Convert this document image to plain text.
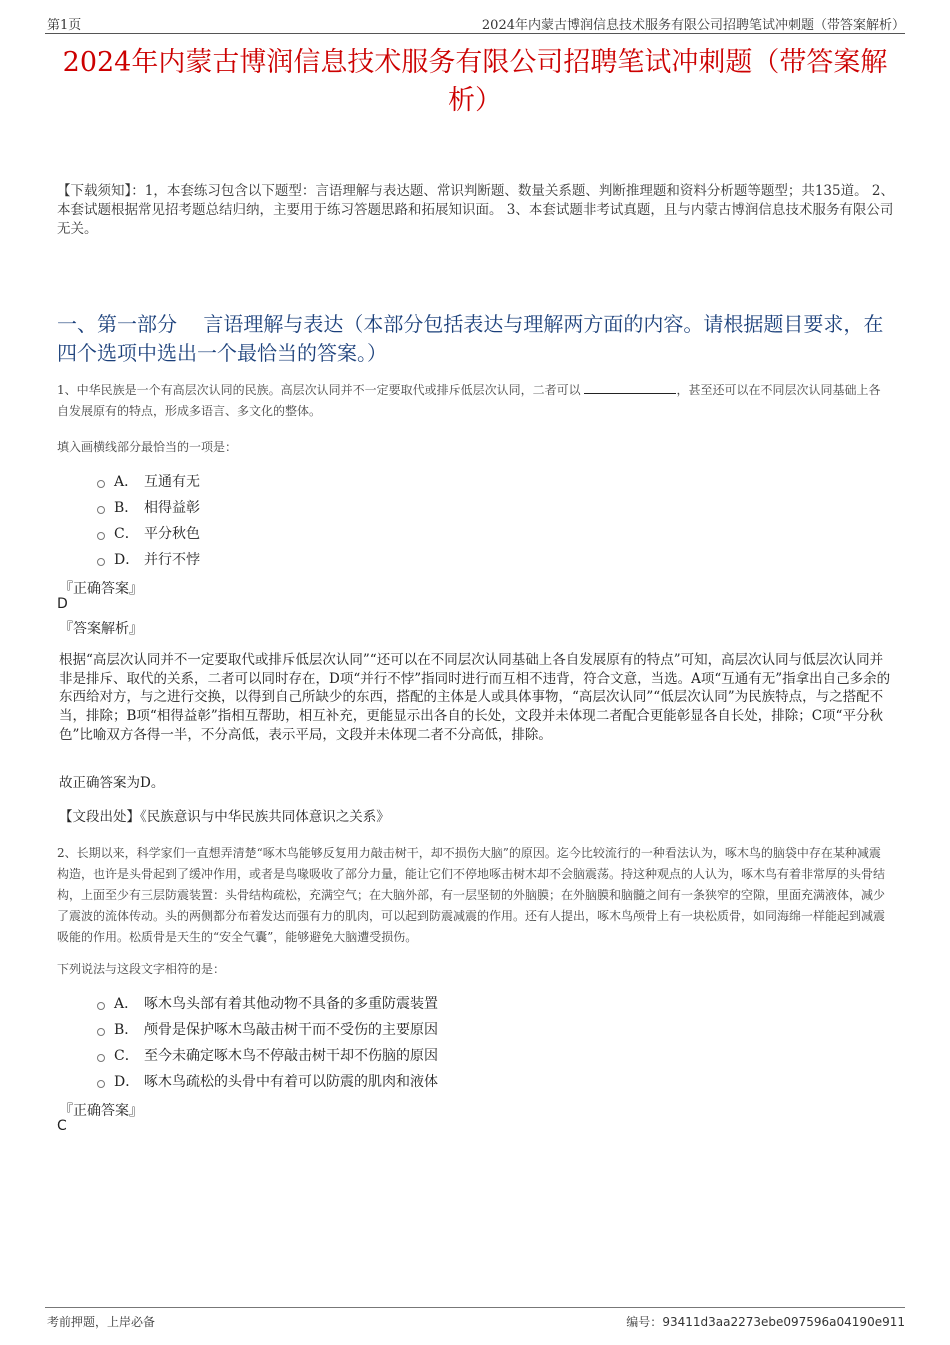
第1页	2024年内蒙古博润信息技术服务有限公司招聘笔试冲刺题（带答案解析）
2024年内蒙古博润信息技术服务有限公司招聘笔试冲刺题（带答案解析）
【下载须知】：1，本套练习包含以下题型：言语理解与表达题、常识判断题、数量关系题、判断推理题和资料分析题等题型；共135道。 2、本套试题根据常见招考题总结归纳，主要用于练习答题思路和拓展知识面。 3、本套试题非考试真题，且与内蒙古博润信息技术服务有限公司无关。
一、第一部分　 言语理解与表达（本部分包括表达与理解两方面的内容。请根据题目要求，在四个选项中选出一个最恰当的答案。）
1、中华民族是一个有高层次认同的民族。高层次认同并不一定要取代或排斥低层次认同，二者可以	，甚至还可以在不同层次认同基础上各自发展原有的特点，形成多语言、多文化的整体。
填入画横线部分最恰当的一项是：
A． 互通有无
B． 相得益彰
C． 平分秋色
D． 并行不悖
『正确答案』
D
『答案解析』
根据“高层次认同并不一定要取代或排斥低层次认同”“还可以在不同层次认同基础上各自发展原有的特点”可知，高层次认同与低层次认同并非是排斥、取代的关系，二者可以同时存在，D项“并行不悖”指同时进行而互相不违背，符合文意，当选。A项“互通有无”指拿出自己多余的东西给对方，与之进行交换，以得到自己所缺少的东西，搭配的主体是人或具体事物，“高层次认同”“低层次认同”为民族特点，与之搭配不当，排除；B项“相得益彰”指相互帮助，相互补充，更能显示出各自的长处，文段并未体现二者配合更能彰显各自长处，排除；C项“平分秋色”比喻双方各得一半，不分高低，表示平局，文段并未体现二者不分高低，排除。
故正确答案为D。
【文段出处】《民族意识与中华民族共同体意识之关系》
2、长期以来，科学家们一直想弄清楚“啄木鸟能够反复用力敲击树干，却不损伤大脑”的原因。迄今比较流行的一种看法认为，啄木鸟的脑袋中存在某种减震构造，也许是头骨起到了缓冲作用，或者是鸟喙吸收了部分力量，能让它们不停地啄击树木却不会脑震荡。持这种观点的人认为，啄木鸟有着非常厚的头骨结构，上面至少有三层防震装置：头骨结构疏松，充满空气；在大脑外部，有一层坚韧的外脑膜；在外脑膜和脑髓之间有一条狭窄的空隙，里面充满液体，减少了震波的流体传动。头的两侧都分布着发达而强有力的肌肉，可以起到防震减震的作用。还有人提出，啄木鸟颅骨上有一块松质骨，如同海绵一样能起到减震吸能的作用。松质骨是天生的“安全气囊”，能够避免大脑遭受损伤。
下列说法与这段文字相符的是：
A． 啄木鸟头部有着其他动物不具备的多重防震装置
B． 颅骨是保护啄木鸟敲击树干而不受伤的主要原因
C． 至今未确定啄木鸟不停敲击树干却不伤脑的原因
D． 啄木鸟疏松的头骨中有着可以防震的肌肉和液体
『正确答案』
C
考前押题，上岸必备	编号：93411d3aa2273ebe097596a04190e911
